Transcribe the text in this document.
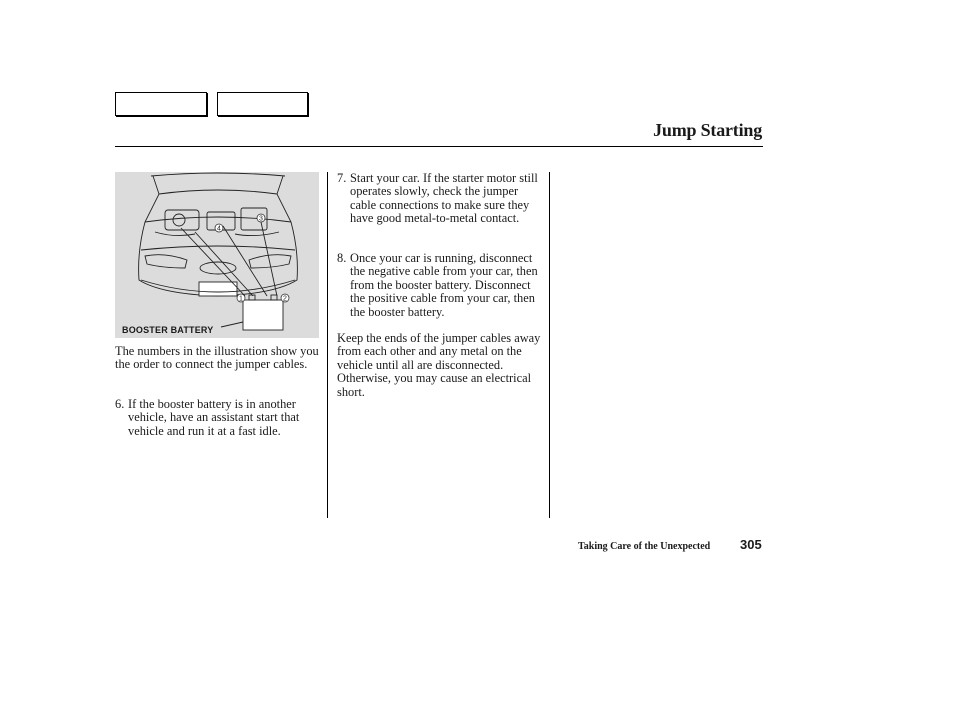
Jump Starting
1	2
3
4
BOOSTER BATTERY

The numbers in the illustration show you the order to connect the jumper cables.

6. If the booster battery is in another vehicle, have an assistant start that vehicle and run it at a fast idle.
7. Start your car. If the starter motor still operates slowly, check the jumper cable connections to make sure they have good metal-to-metal contact.
8. Once your car is running, disconnect the negative cable from your car, then from the booster battery. Disconnect the positive cable from your car, then the booster battery.

Keep the ends of the jumper cables away from each other and any metal on the vehicle until all are disconnected. Otherwise, you may cause an electrical short.

Taking Care of the Unexpected 305
